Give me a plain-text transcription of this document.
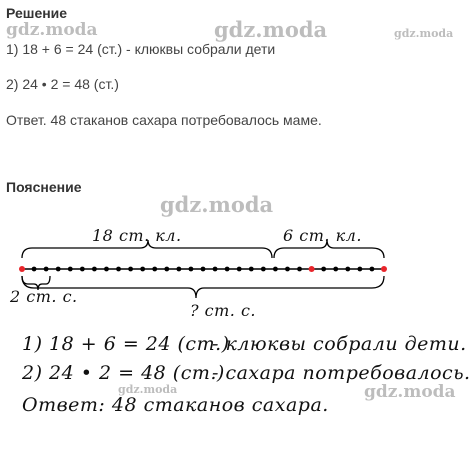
Решение
gdz.moda	gdz.moda
gdz.moda
1) 18 + 6 = 24 (ст.) - клюквы собрали дети
2) 24 • 2 = 48 (ст.)
Ответ. 48 стаканов сахара потребовалось маме.
Пояснение
gdz.moda
18 ст. кл.	6 ст. кл.
2 ст. с.
? ст. с.
1) 18 + 6 = 24 (ст.)
- клюквы собрали дети.
2) 24 • 2 = 48 (ст.)
- сахара потребовалось.
gdz.moda	gdz.moda
Ответ: 48 стаканов сахара.
